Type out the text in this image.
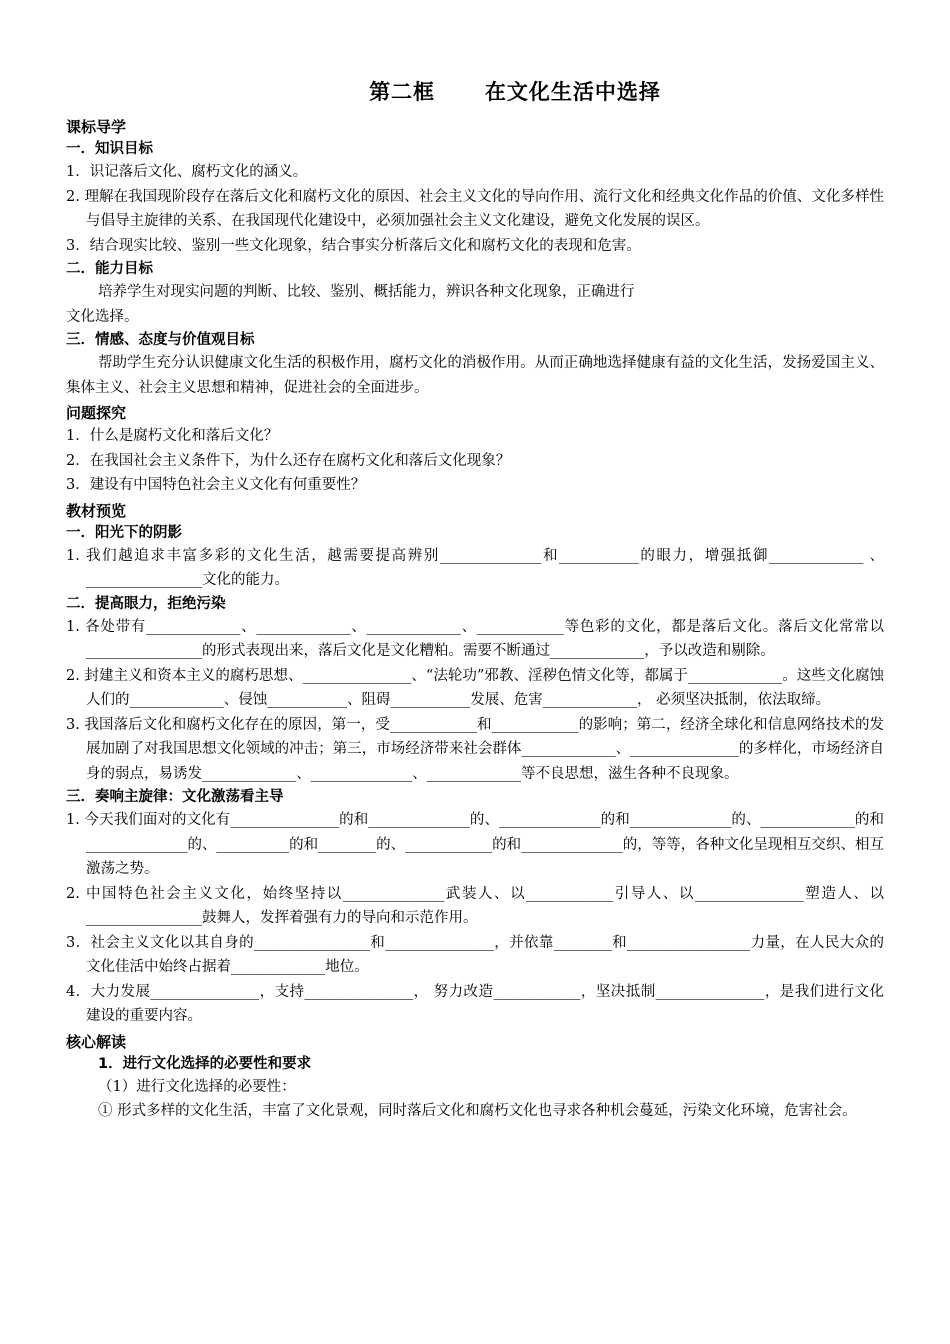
第二框      在文化生活中选择
课标导学
一．知识目标
1．识记落后文化、腐朽文化的涵义。
2. 理解在我国现阶段存在落后文化和腐朽文化的原因、社会主义文化的导向作用、流行文化和经典文化作品的价值、文化多样性与倡导主旋律的关系、在我国现代化建设中，必须加强社会主义文化建设，避免文化发展的误区。
3．结合现实比较、鉴别一些文化现象，结合事实分析落后文化和腐朽文化的表现和危害。
二．能力目标
培养学生对现实问题的判断、比较、鉴别、概括能力，辨识各种文化现象，正确进行
文化选择。
三．情感、态度与价值观目标
帮助学生充分认识健康文化生活的积极作用，腐朽文化的消极作用。从而正确地选择健康有益的文化生活，发扬爱国主义、集体主义、社会主义思想和精神，促进社会的全面进步。
问题探究
1．什么是腐朽文化和落后文化？
2．在我国社会主义条件下，为什么还存在腐朽文化和落后文化现象？
3．建设有中国特色社会主义文化有何重要性？
教材预览
一．阳光下的阴影
1. 我们越追求丰富多彩的文化生活，越需要提高辨别______________和___________的眼力，增强抵御_____________ 、 ________________文化的能力。
二．提高眼力，拒绝污染
1. 各处带有_____________、_____________、_____________、____________等色彩的文化，都是落后文化。落后文化常常以________________的形式表现出来，落后文化是文化糟粕。需要不断通过_____________，予以改造和剔除。
2. 封建主义和资本主义的腐朽思想、_______________、“法轮功”邪教、淫秽色情文化等，都属于_____________。这些文化腐蚀人们的_____________、侵蚀___________、阻碍___________发展、危害_____________， 必须坚决抵制，依法取缔。
3. 我国落后文化和腐朽文化存在的原因，第一，受____________和____________的影响；第二，经济全球化和信息网络技术的发展加剧了对我国思想文化领域的冲击；第三，市场经济带来社会群体_____________、_______________的多样化，市场经济自身的弱点，易诱发_____________、______________、_____________等不良思想，滋生各种不良现象。
三．奏响主旋律：文化激荡看主导
1. 今天我们面对的文化有_______________的和______________的、______________的和______________的、_____________的和______________的、__________的和________的、____________的和______________的，等等，各种文化呈现相互交织、相互激荡之势。
2. 中国特色社会主义文化，始终坚持以______________武装人、以____________引导人、以_______________塑造人、以________________鼓舞人，发挥着强有力的导向和示范作用。
3．社会主义文化以其自身的________________和_______________，并依靠________和_________________力量，在人民大众的文化佳活中始终占据着_____________地位。
4．大力发展_______________，支持_______________， 努力改造____________，坚决抵制_______________，是我们进行文化建设的重要内容。
核心解读
1．进行文化选择的必要性和要求
（1）进行文化选择的必要性：
① 形式多样的文化生活，丰富了文化景观，同时落后文化和腐朽文化也寻求各种机会蔓延，污染文化环境，危害社会。
